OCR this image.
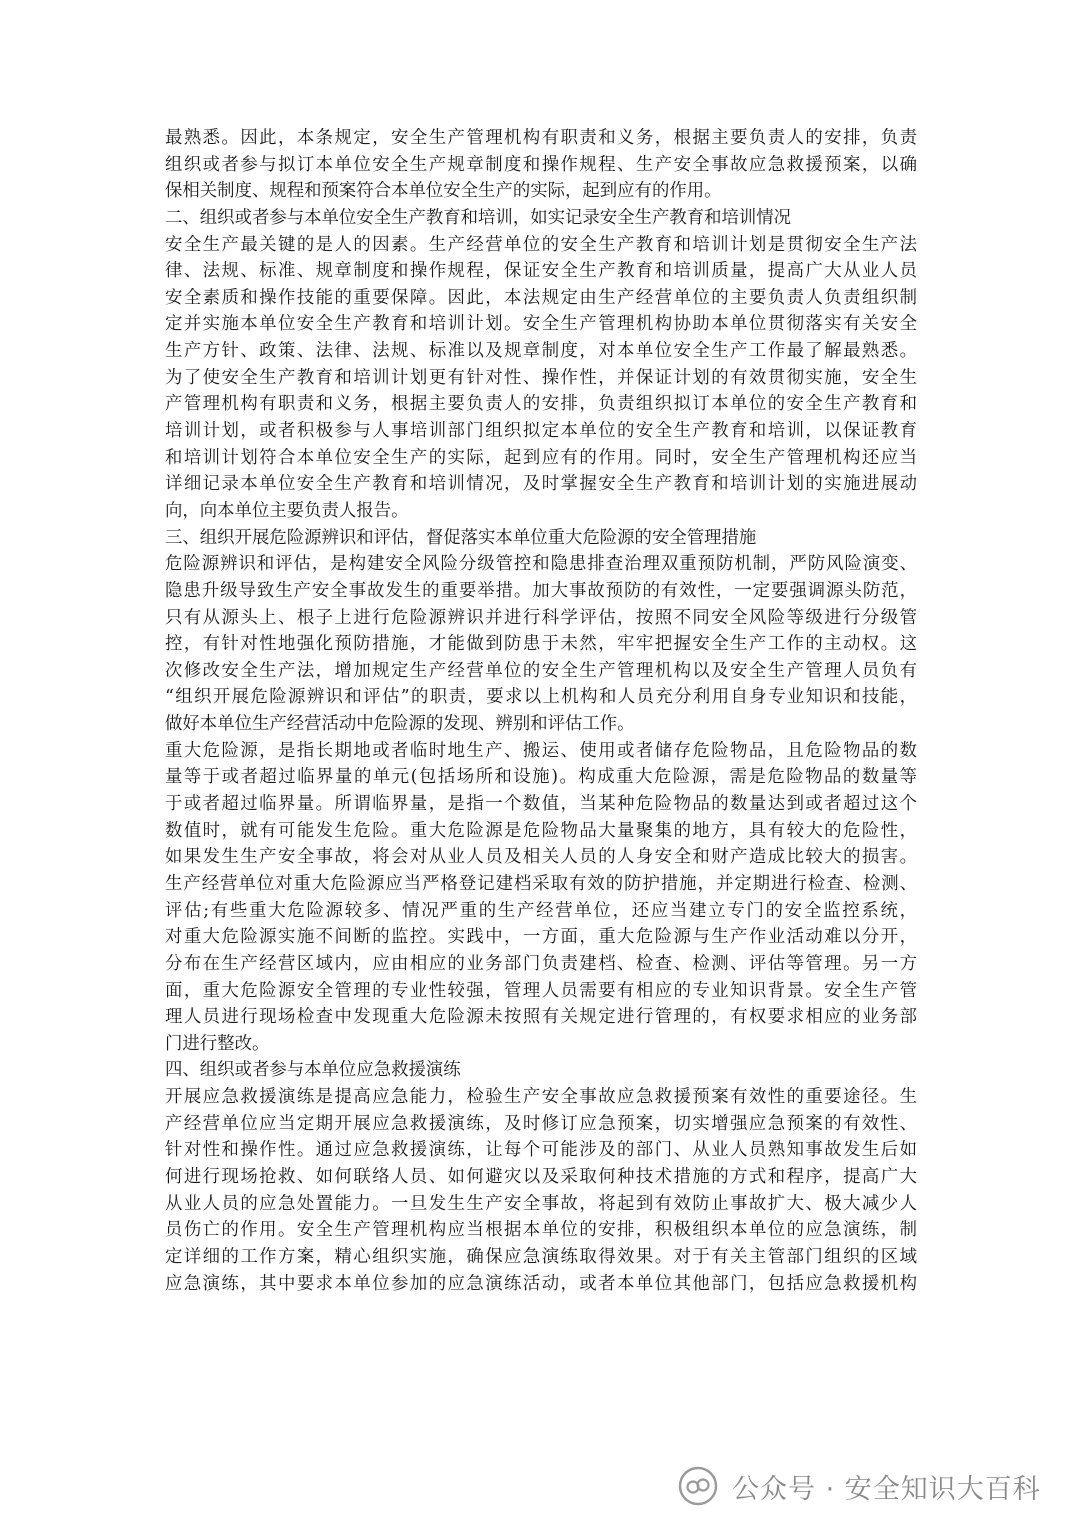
最熟悉。因此，本条规定，安全生产管理机构有职责和义务，根据主要负责人的安排，负责
组织或者参与拟订本单位安全生产规章制度和操作规程、生产安全事故应急救援预案，以确
保相关制度、规程和预案符合本单位安全生产的实际，起到应有的作用。
二、组织或者参与本单位安全生产教育和培训，如实记录安全生产教育和培训情况
安全生产最关键的是人的因素。生产经营单位的安全生产教育和培训计划是贯彻安全生产法
律、法规、标准、规章制度和操作规程，保证安全生产教育和培训质量，提高广大从业人员
安全素质和操作技能的重要保障。因此，本法规定由生产经营单位的主要负责人负责组织制
定并实施本单位安全生产教育和培训计划。安全生产管理机构协助本单位贯彻落实有关安全
生产方针、政策、法律、法规、标准以及规章制度，对本单位安全生产工作最了解最熟悉。
为了使安全生产教育和培训计划更有针对性、操作性，并保证计划的有效贯彻实施，安全生
产管理机构有职责和义务，根据主要负责人的安排，负责组织拟订本单位的安全生产教育和
培训计划，或者积极参与人事培训部门组织拟定本单位的安全生产教育和培训，以保证教育
和培训计划符合本单位安全生产的实际，起到应有的作用。同时，安全生产管理机构还应当
详细记录本单位安全生产教育和培训情况，及时掌握安全生产教育和培训计划的实施进展动
向，向本单位主要负责人报告。
三、组织开展危险源辨识和评估，督促落实本单位重大危险源的安全管理措施
危险源辨识和评估，是构建安全风险分级管控和隐患排查治理双重预防机制，严防风险演变、
隐患升级导致生产安全事故发生的重要举措。加大事故预防的有效性，一定要强调源头防范，
只有从源头上、根子上进行危险源辨识并进行科学评估，按照不同安全风险等级进行分级管
控，有针对性地强化预防措施，才能做到防患于未然，牢牢把握安全生产工作的主动权。这
次修改安全生产法，增加规定生产经营单位的安全生产管理机构以及安全生产管理人员负有
“组织开展危险源辨识和评估”的职责，要求以上机构和人员充分利用自身专业知识和技能，
做好本单位生产经营活动中危险源的发现、辨别和评估工作。
重大危险源，是指长期地或者临时地生产、搬运、使用或者储存危险物品，且危险物品的数
量等于或者超过临界量的单元(包括场所和设施)。构成重大危险源，需是危险物品的数量等
于或者超过临界量。所谓临界量，是指一个数值，当某种危险物品的数量达到或者超过这个
数值时，就有可能发生危险。重大危险源是危险物品大量聚集的地方，具有较大的危险性，
如果发生生产安全事故，将会对从业人员及相关人员的人身安全和财产造成比较大的损害。
生产经营单位对重大危险源应当严格登记建档采取有效的防护措施，并定期进行检查、检测、
评估;有些重大危险源较多、情况严重的生产经营单位，还应当建立专门的安全监控系统，
对重大危险源实施不间断的监控。实践中，一方面，重大危险源与生产作业活动难以分开，
分布在生产经营区域内，应由相应的业务部门负责建档、检查、检测、评估等管理。另一方
面，重大危险源安全管理的专业性较强，管理人员需要有相应的专业知识背景。安全生产管
理人员进行现场检查中发现重大危险源未按照有关规定进行管理的，有权要求相应的业务部
门进行整改。
四、组织或者参与本单位应急救援演练
开展应急救援演练是提高应急能力，检验生产安全事故应急救援预案有效性的重要途径。生
产经营单位应当定期开展应急救援演练，及时修订应急预案，切实增强应急预案的有效性、
针对性和操作性。通过应急救援演练，让每个可能涉及的部门、从业人员熟知事故发生后如
何进行现场抢救、如何联络人员、如何避灾以及采取何种技术措施的方式和程序，提高广大
从业人员的应急处置能力。一旦发生生产安全事故，将起到有效防止事故扩大、极大减少人
员伤亡的作用。安全生产管理机构应当根据本单位的安排，积极组织本单位的应急演练，制
定详细的工作方案，精心组织实施，确保应急演练取得效果。对于有关主管部门组织的区域
应急演练，其中要求本单位参加的应急演练活动，或者本单位其他部门，包括应急救援机构
公众号 · 安全知识大百科
